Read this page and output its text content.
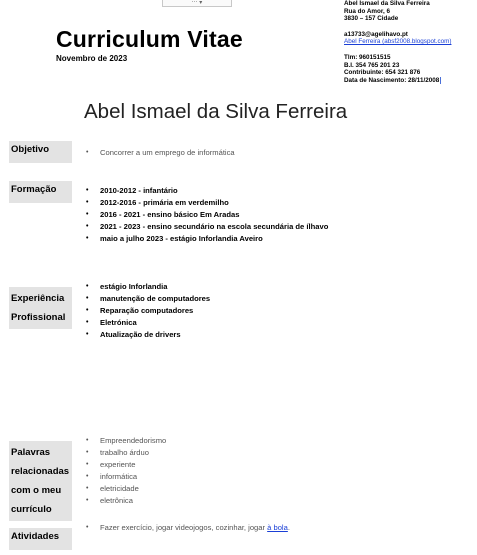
··· ▾
Curriculum Vitae
Novembro de 2023
Abel Ismael da Silva Ferreira
Rua do Amor, 6
3830 – 157 Cidade
a13733@agelihavo.pt
Abel Ferreira (absf2008.blogspot.com)
Tlm: 960151515
B.I. 354 765 201 23
Contribuinte: 654 321 876
Data de Nascimento: 28/11/2008
Abel Ismael da Silva Ferreira
Objetivo	• Concorrer a um emprego de informática
Formação	• 2010-2012 - infantário
• 2012-2016 - primária em verdemilho
• 2016 - 2021 - ensino básico Em Aradas
• 2021 - 2023 - ensino secundário na escola secundária de ílhavo
• maio a julho 2023 - estágio Inforlandia Aveiro
Experiência
Profissional
• estágio Inforlandia
• manutenção de computadores
• Reparação computadores
• Eletrónica
• Atualização de drivers
Palavras
relacionadas
com o meu
currículo
• Empreendedorismo
• trabalho árduo
• experiente
• informática
• eletricidade
• eletrônica
Atividades
• Fazer exercício, jogar videojogos, cozinhar, jogar à bola.
